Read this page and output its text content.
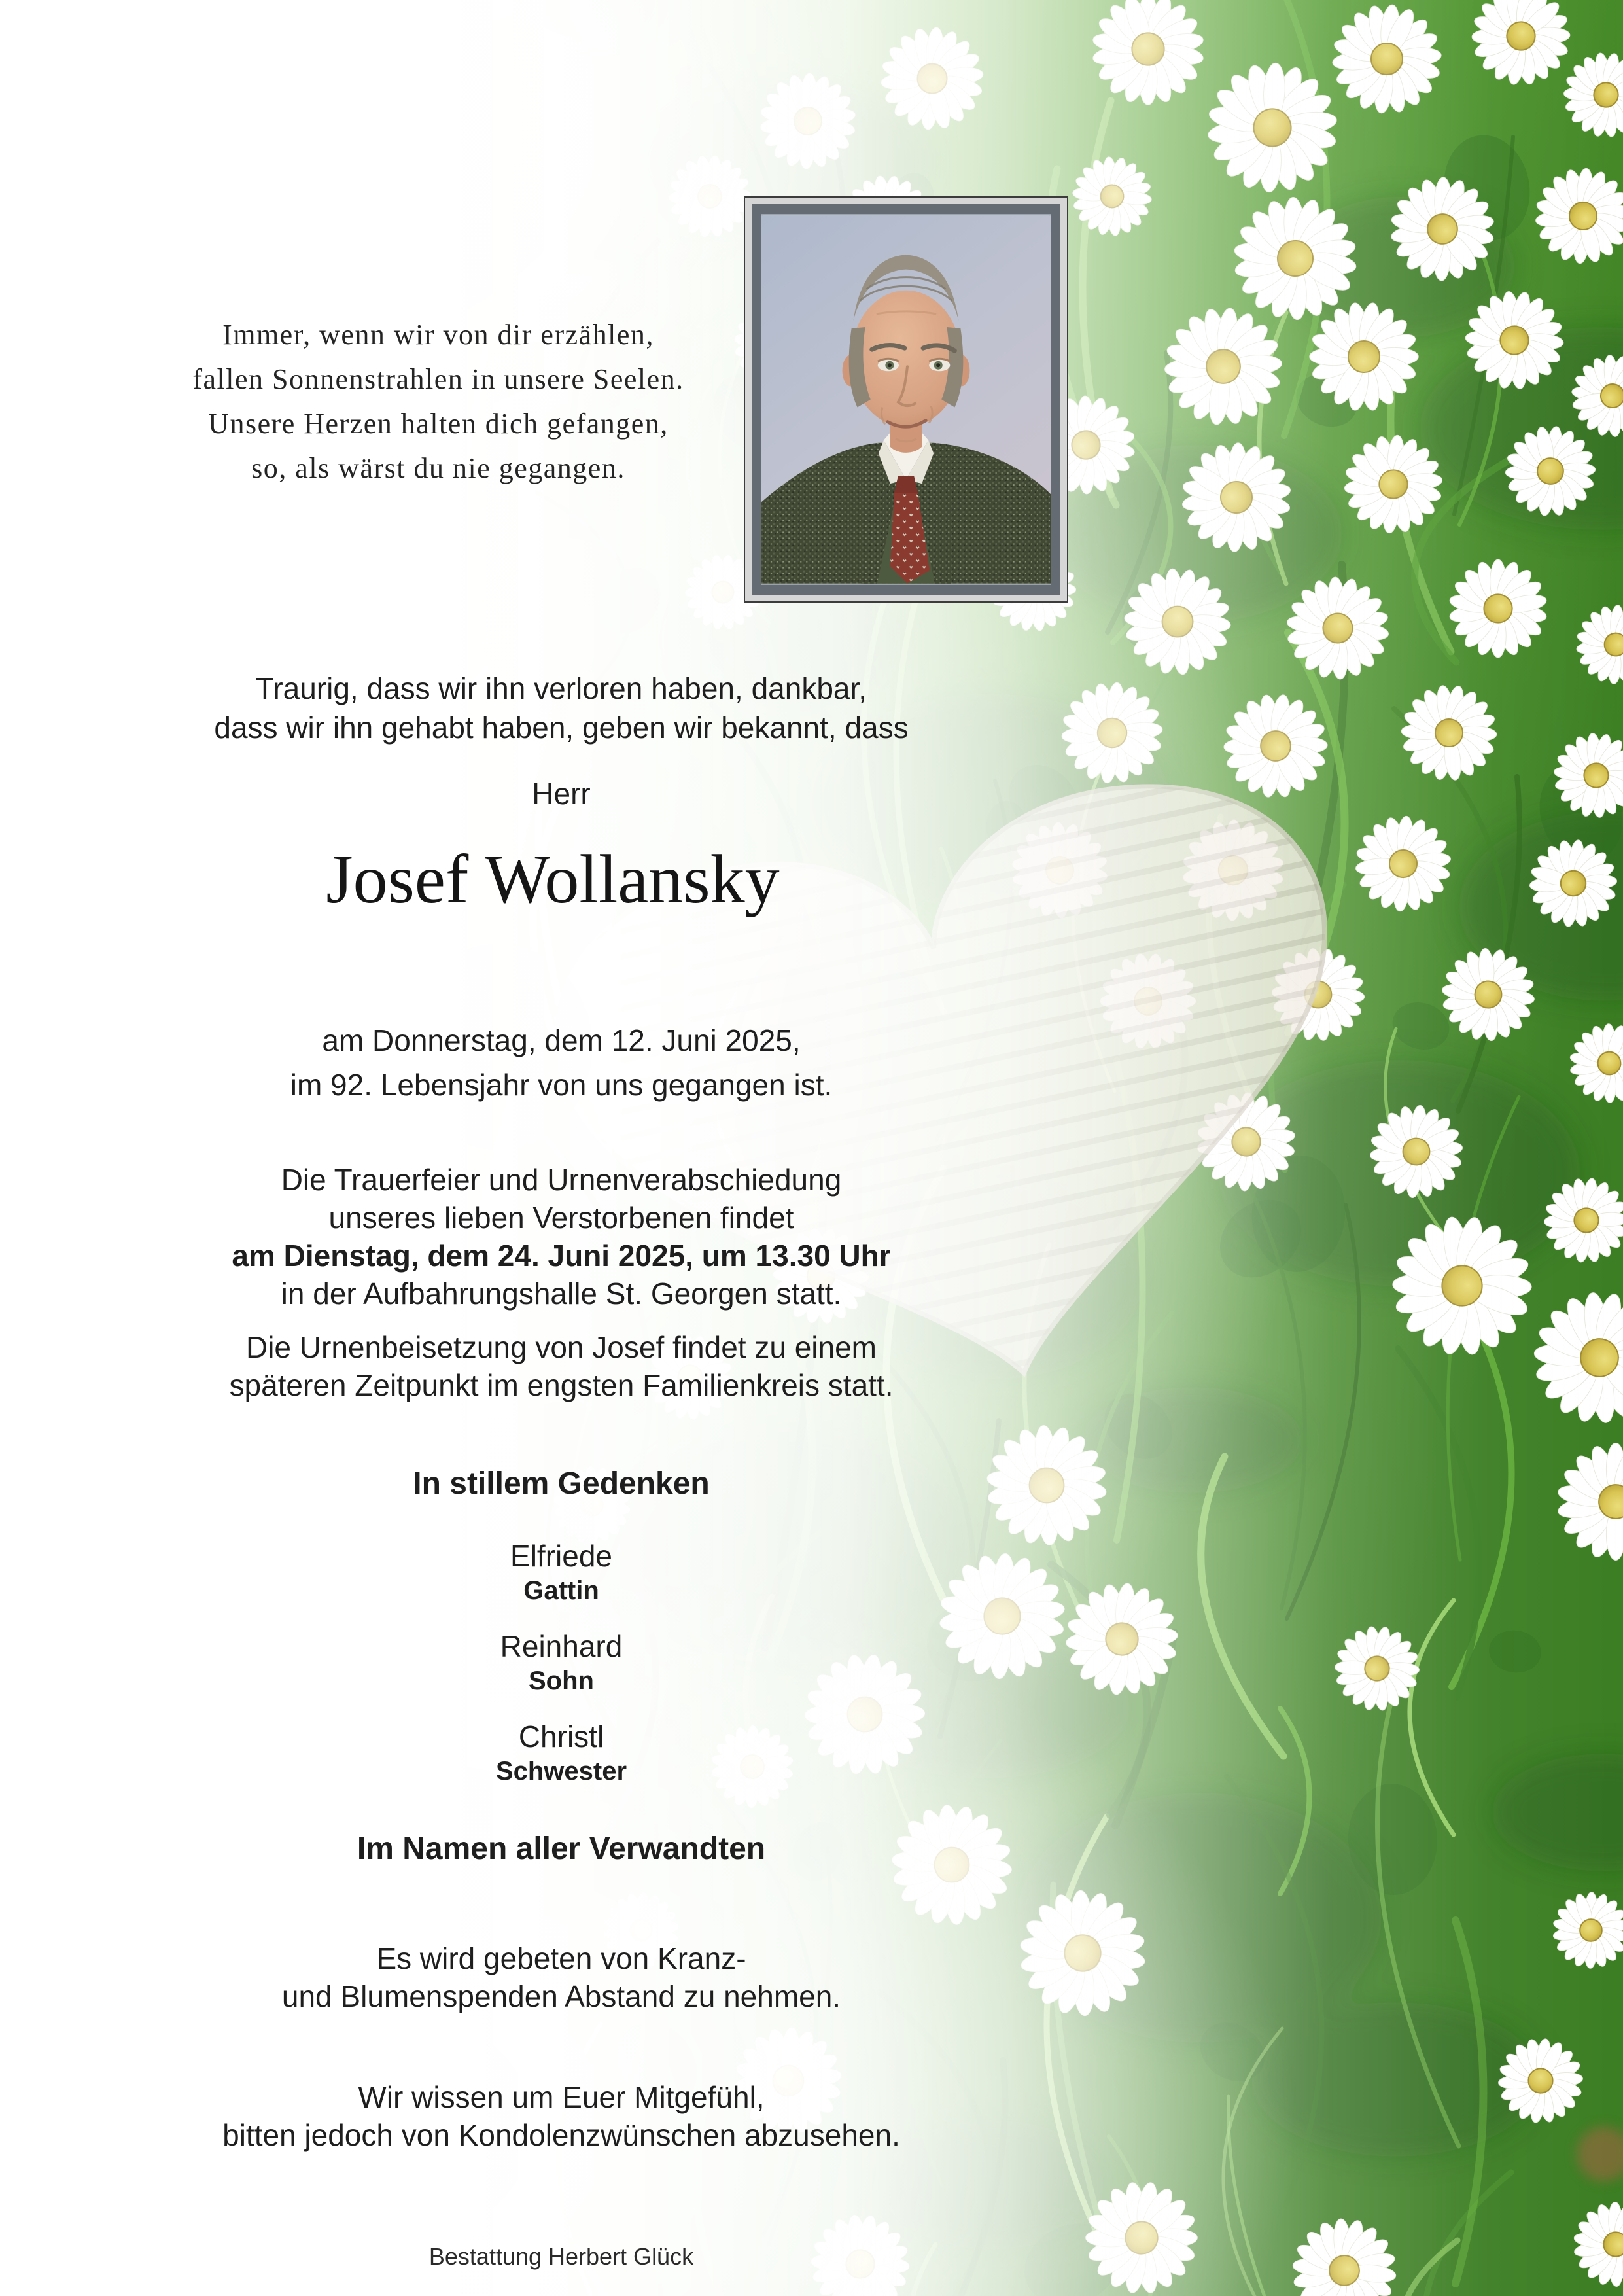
Immer, wenn wir von dir erzählen,
fallen Sonnenstrahlen in unsere Seelen.
Unsere Herzen halten dich gefangen,
so, als wärst du nie gegangen.
Traurig, dass wir ihn verloren haben, dankbar,
dass wir ihn gehabt haben, geben wir bekannt, dass
Herr
Josef Wollansky
am Donnerstag, dem 12. Juni 2025,
im 92. Lebensjahr von uns gegangen ist.
Die Trauerfeier und Urnenverabschiedung
unseres lieben Verstorbenen findet
am Dienstag, dem 24. Juni 2025, um 13.30 Uhr
in der Aufbahrungshalle St. Georgen statt.
Die Urnenbeisetzung von Josef findet zu einem
späteren Zeitpunkt im engsten Familienkreis statt.
In stillem Gedenken
Elfriede
Gattin
Reinhard
Sohn
Christl
Schwester
Im Namen aller Verwandten
Es wird gebeten von Kranz-
und Blumenspenden Abstand zu nehmen.
Wir wissen um Euer Mitgefühl,
bitten jedoch von Kondolenzwünschen abzusehen.
Bestattung Herbert Glück
